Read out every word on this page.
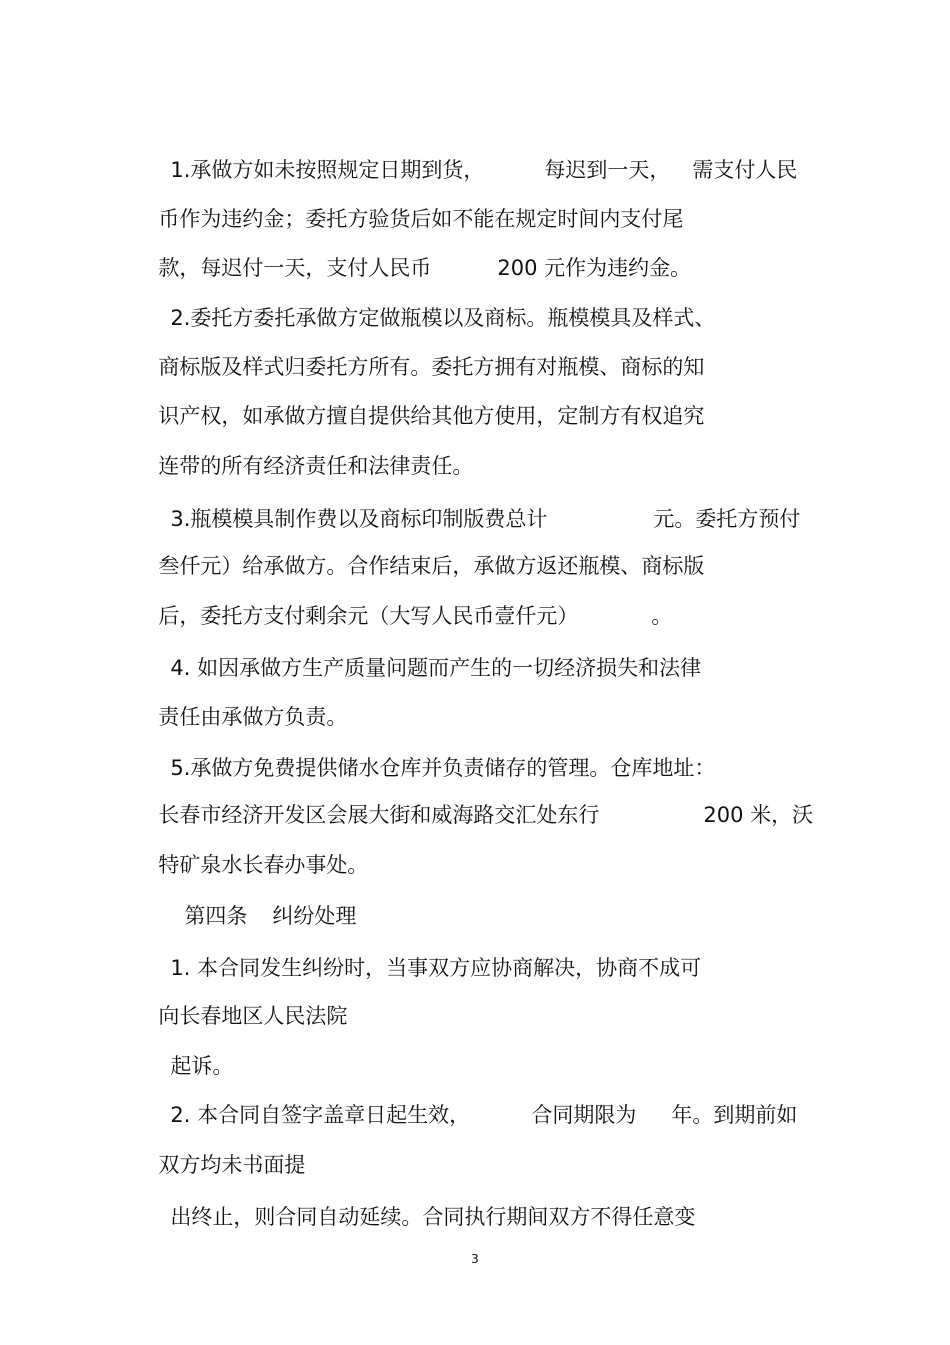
1.承做方如未按照规定日期到货，	每迟到一天，	需支付人民

币作为违约金；委托方验货后如不能在规定时间内支付尾

款，每迟付一天，支付人民币	200 元作为违约金。

2.委托方委托承做方定做瓶模以及商标。瓶模模具及样式、

商标版及样式归委托方所有。委托方拥有对瓶模、商标的知

识产权，如承做方擅自提供给其他方使用，定制方有权追究

连带的所有经济责任和法律责任。

3.瓶模模具制作费以及商标印制版费总计	元。委托方预付

叁仟元）给承做方。合作结束后，承做方返还瓶模、商标版

后，委托方支付剩余元（大写人民币壹仟元）	。

4. 如因承做方生产质量问题而产生的一切经济损失和法律

责任由承做方负责。

5.承做方免费提供储水仓库并负责储存的管理。仓库地址：

长春市经济开发区会展大街和威海路交汇处东行	200 米，沃

特矿泉水长春办事处。

第四条	纠纷处理

1. 本合同发生纠纷时，当事双方应协商解决，协商不成可

向长春地区人民法院

起诉。

2. 本合同自签字盖章日起生效，	合同期限为	年。到期前如

双方均未书面提

出终止，则合同自动延续。合同执行期间双方不得任意变

3
